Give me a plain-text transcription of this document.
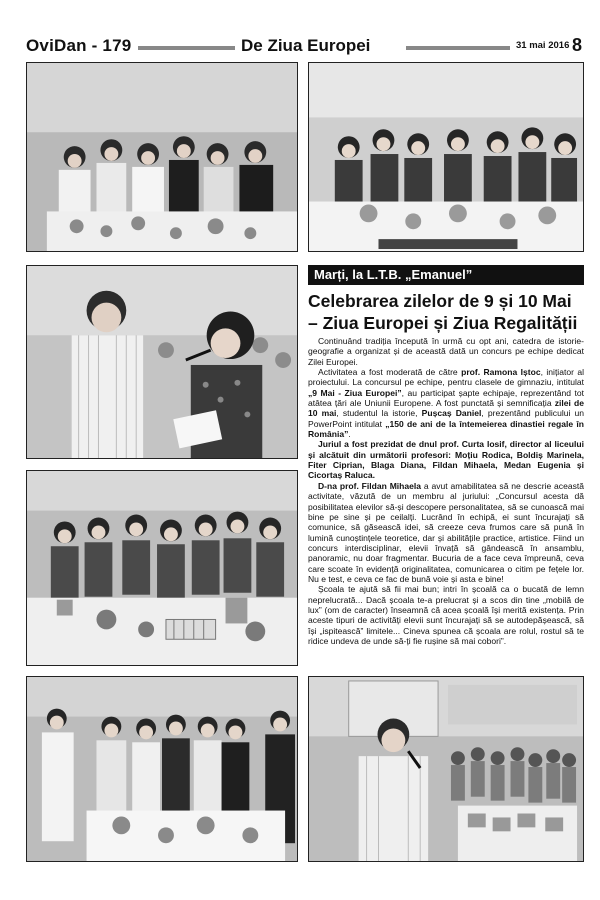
OviDan - 179	De Ziua Europei	31 mai 2016 8
Marți, la L.T.B. „Emanuel”
Celebrarea zilelor de 9 și 10 Mai – Ziua Europei și Ziua Regalității

Continuând tradiția începută în urmă cu opt ani, catedra de istorie-geografie a organizat și de această dată un concurs pe echipe dedicat Zilei Europei.

Activitatea a fost moderată de către prof. Ramona Iștoc, inițiator al proiectului. La concursul pe echipe, pentru clasele de gimnaziu, intitulat „9 Mai - Ziua Europei”, au participat șapte echipaje, reprezentând tot atâtea țări ale Uniunii Europene. A fost punctată și semnificația zilei de 10 mai, studentul la istorie, Pușcaș Daniel, prezentând publicului un PowerPoint intitulat „150 de ani de la întemeierea dinastiei regale în România”.

Juriul a fost prezidat de dnul prof. Curta Iosif, director al liceului și alcătuit din următorii profesori: Moțiu Rodica, Boldiș Marinela, Fiter Ciprian, Blaga Diana, Fildan Mihaela, Medan Eugenia și Cicortaș Raluca.

D-na prof. Fildan Mihaela a avut amabilitatea să ne descrie această activitate, văzută de un membru al juriului: „Concursul acesta dă posibilitatea elevilor să-și descopere personalitatea, să se cunoască mai bine pe sine și pe ceilalți. Lucrând în echipă, ei sunt încurajați să comunice, să găsească idei, să creeze ceva frumos care să pună în lumină cunoștințele teoretice, dar și abilitățile practice, artistice. Fiind un concurs interdisciplinar, elevii învață să gândească în ansamblu, panoramic, nu doar fragmentar. Bucuria de a face ceva împreună, ceva care scoate în evidență originalitatea, comunicarea o citim pe fețele lor. Nu e test, e ceva ce fac de bună voie și asta e bine!

Școala te ajută să fii mai bun; intri în școală ca o bucată de lemn neprelucrată... Dacă școala te-a prelucrat și a scos din tine „mobilă de lux” (om de caracter) înseamnă că acea școală își merită existența. Prin aceste tipuri de activități elevii sunt încurajați să se autodepășească, să își „ispitească” limitele... Cineva spunea că școala are rolul, rostul să te ridice undeva de unde să-ți fie rușine să mai cobori”.
